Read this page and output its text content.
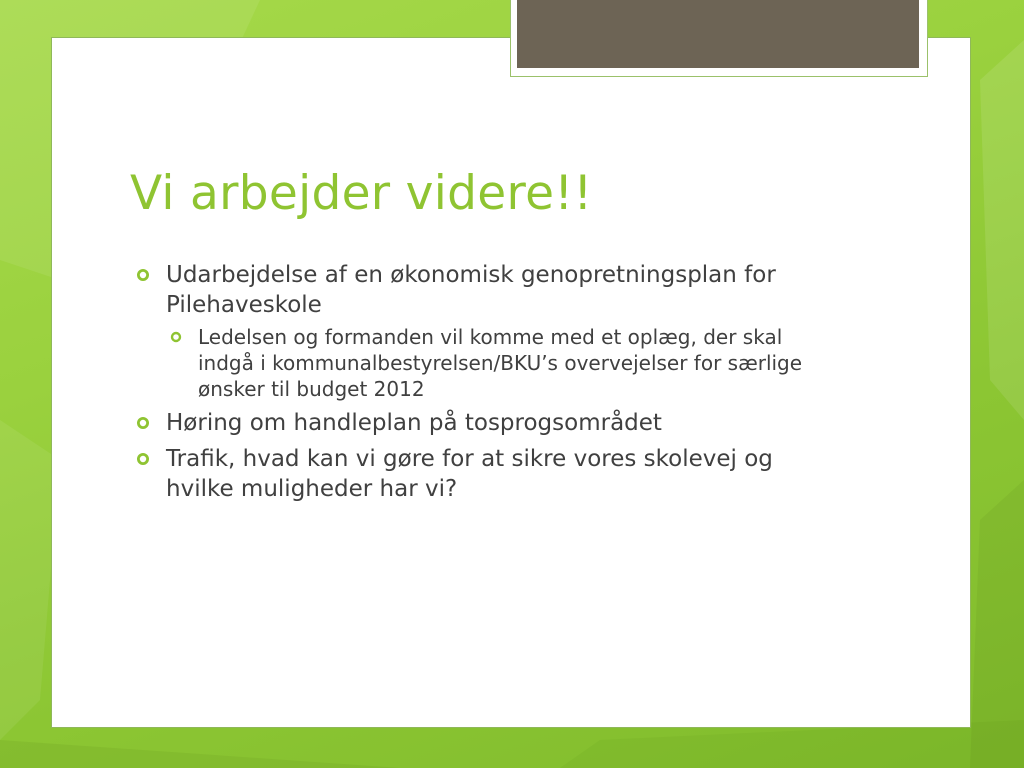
Vi arbejder videre!!
Udarbejdelse af en økonomisk genopretningsplan for Pilehaveskole
Ledelsen og formanden vil komme med et oplæg, der skal indgå i kommunalbestyrelsen/BKU’s overvejelser for særlige ønsker til budget 2012
Høring om handleplan på tosprogsområdet
Trafik, hvad kan vi gøre for at sikre vores skolevej og hvilke muligheder har vi?
